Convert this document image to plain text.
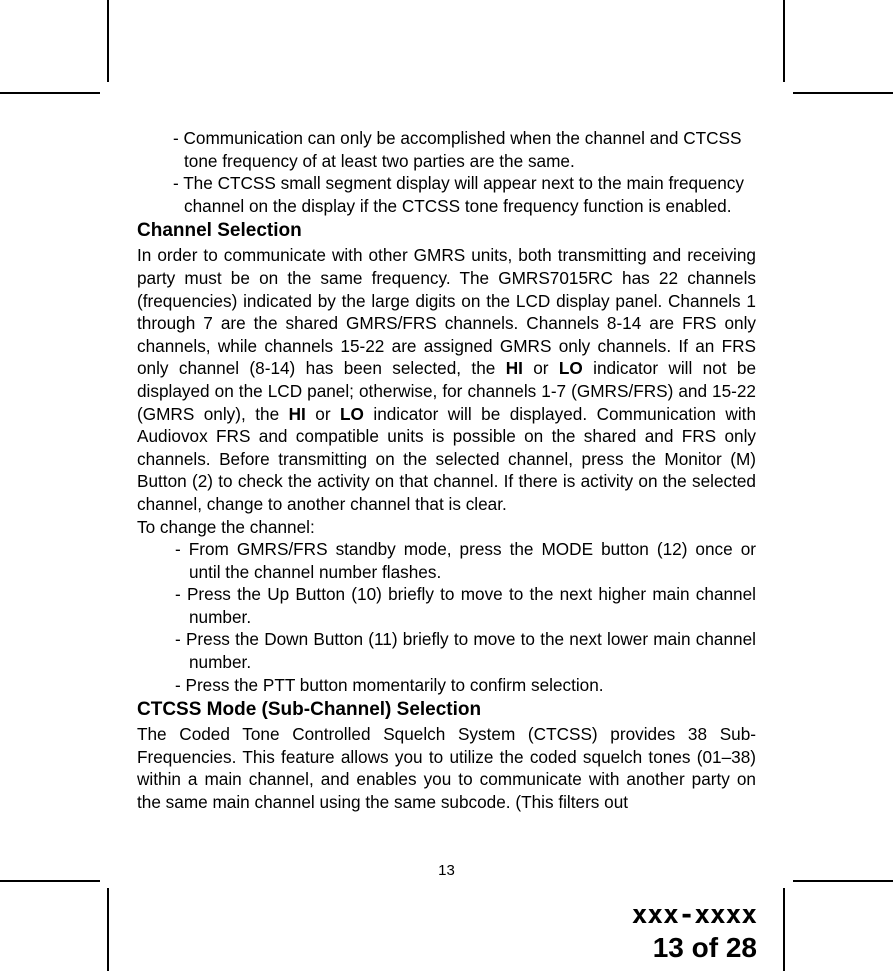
- Communication can only be accomplished when the channel and CTCSS tone frequency of at least two parties are the same.

- The CTCSS small segment display will appear next to the main frequency channel on the display if the CTCSS tone frequency function is enabled.

Channel Selection

In order to communicate with other GMRS units, both transmitting and receiving party must be on the same frequency. The GMRS7015RC has 22 channels (frequencies) indicated by the large digits on the LCD display panel. Channels 1 through 7 are the shared GMRS/FRS channels. Channels 8-14 are FRS only channels, while channels 15-22 are assigned GMRS only channels. If an FRS only channel (8-14) has been selected, the HI or LO indicator will not be displayed on the LCD panel; otherwise, for channels 1-7 (GMRS/FRS) and 15-22 (GMRS only), the HI or LO indicator will be displayed. Communication with Audiovox FRS and compatible units is possible on the shared and FRS only channels. Before transmitting on the selected channel, press the Monitor (M) Button (2) to check the activity on that channel. If there is activity on the selected channel, change to another channel that is clear.

To change the channel:

- From GMRS/FRS standby mode, press the MODE button (12) once or until the channel number flashes.

- Press the Up Button (10) briefly to move to the next higher main channel number.

- Press the Down Button (11) briefly to move to the next lower main channel number.

- Press the PTT button momentarily to confirm selection.

CTCSS Mode (Sub-Channel) Selection

The Coded Tone Controlled Squelch System (CTCSS) provides 38 Sub-Frequencies. This feature allows you to utilize the coded squelch tones (01–38) within a main channel, and enables you to communicate with another party on the same main channel using the same subcode. (This filters out

13
xxx-xxxx
13 of 28
